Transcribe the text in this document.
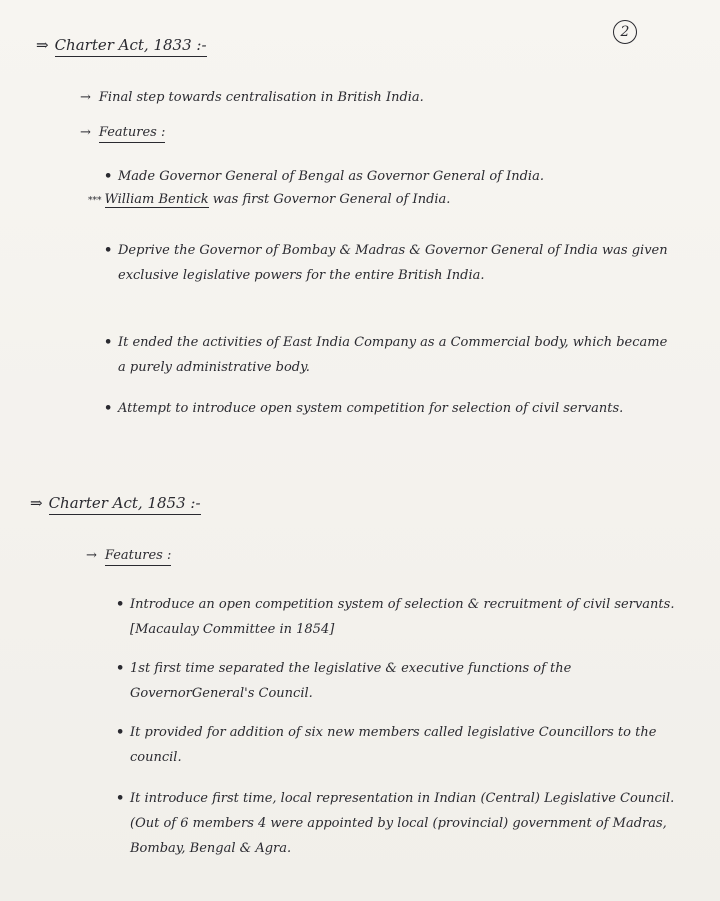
2
⇒ Charter Act, 1833 :-
→ Final step towards centralisation in British India.
→ Features :
• Made Governor General of Bengal as Governor General of India.
*** William Bentick was first Governor General of India.
• Deprive the Governor of Bombay & Madras & Governor General of India was given exclusive legislative powers for the entire British India.
• It ended the activities of East India Company as a Commercial body, which became a purely administrative body.
• Attempt to introduce open system competition for selection of civil servants.
⇒ Charter Act, 1853 :-
→ Features :
• Introduce an open competition system of selection & recruitment of civil servants. [Macaulay Committee in 1854]
• 1st first time separated the legislative & executive functions of the GovernorGeneral's Council.
• It provided for addition of six new members called legislative Councillors to the council.
• It introduce first time, local representation in Indian (Central) Legislative Council. (Out of 6 members 4 were appointed by local (provincial) government of Madras, Bombay, Bengal & Agra.
